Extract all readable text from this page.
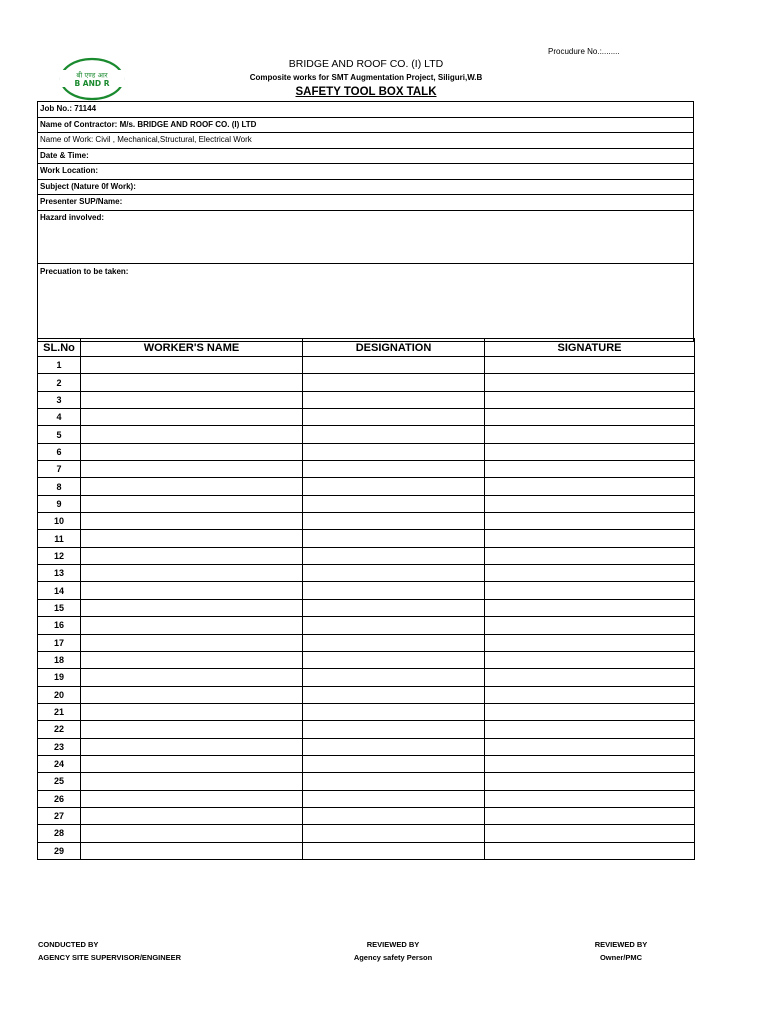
Procudure No.:........
बी एण्ड आर
B AND R
BRIDGE AND ROOF CO. (I) LTD
Composite works for SMT Augmentation Project, Siliguri,W.B
SAFETY TOOL BOX TALK
Job No.: 71144
Name of Contractor: M/s. BRIDGE AND ROOF CO. (I) LTD
Name of Work: Civil , Mechanical,Structural, Electrical Work
Date & Time:
Work Location:
Subject (Nature 0f Work):
Presenter SUP/Name:
Hazard involved:
Precuation to be taken:
SL.No	WORKER'S NAME	DESIGNATION	SIGNATURE
1			
2			
3			
4			
5			
6			
7			
8			
9			
10			
11			
12			
13			
14			
15			
16			
17			
18			
19			
20			
21			
22			
23			
24			
25			
26			
27			
28			
29			
CONDUCTED BY
AGENCY SITE SUPERVISOR/ENGINEER
REVIEWED BY
Agency safety Person
REVIEWED BY
Owner/PMC
